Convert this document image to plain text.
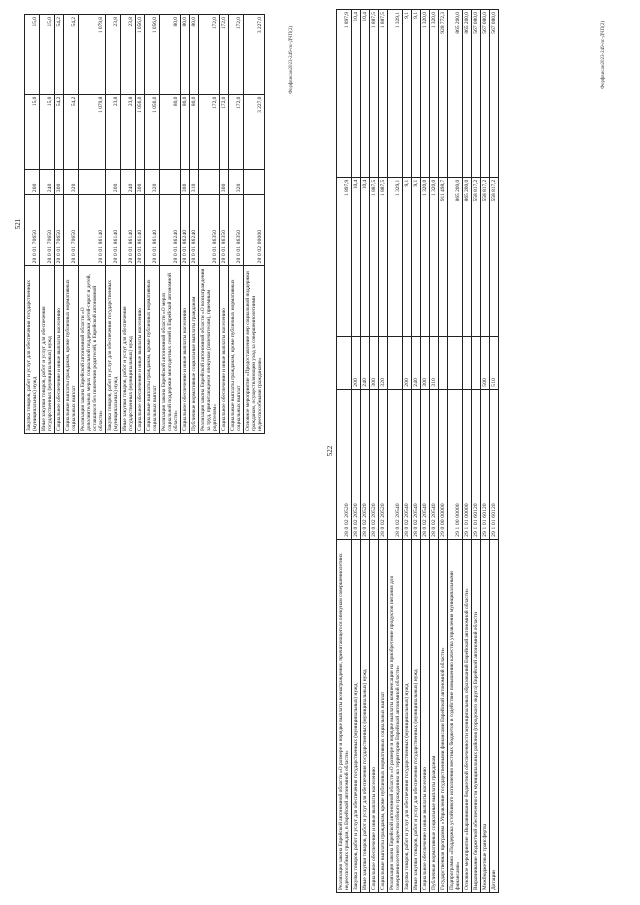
521
Закупка товаров, работ и услуг для обеспечения государственных (муниципальных) нужд	28 0 01 70650	200	15,0	15,0
Иные закупки товаров, работ и услуг для обеспечения государственных (муниципальных) нужд	28 0 01 70650	240	15,0	15,0
Социальное обеспечение и иные выплаты населению	28 0 01 70650	300	54,2	54,2
Социальные выплаты гражданам, кроме публичных нормативных социальных выплат	28 0 01 70650	320	54,2	54,2
Реализация закона Еврейской автономной области «О дополнительных мерах социальной поддержки детей-сирот и детей, оставшихся без попечения родителей, в Еврейской автономной области»	28 0 01 86140		1 079,8	1 079,8
Закупка товаров, работ и услуг для обеспечения государственных (муниципальных) нужд	28 0 01 86140	200	23,8	23,8
Иные закупки товаров, работ и услуг для обеспечения государственных (муниципальных) нужд	28 0 01 86140	240	23,8	23,8
Социальное обеспечение и иные выплаты населению	28 0 01 86140	300	1 056,0	1 056,0
Социальные выплаты гражданам, кроме публичных нормативных социальных выплат	28 0 01 86140	320	1 056,0	1 056,0
Реализация закона Еврейской автономной области «О мерах социальной поддержки многодетных семей в Еврейской автономной области»	28 0 01 86240		80,0	80,0
Социальное обеспечение и иные выплаты населению	28 0 01 86240	300	80,0	80,0
Публичные нормативные социальные выплаты гражданам	28 0 01 86240	310	80,0	80,0
Реализация закона Еврейской автономной области «О вознаграждении за труд, причитающемся опекунам (попечителям), приемным родителям»	28 0 01 86350		172,0	172,0
Социальное обеспечение и иные выплаты населению	28 0 01 86350	300	172,0	172,0
Социальные выплаты гражданам, кроме публичных нормативных социальных выплат	28 0 01 86350	320	172,0	172,0
Основное мероприятие «Предоставление мер социальной поддержки гражданам, осуществляющим уход за совершеннолетними недееспособными гражданами»	28 0 02 00000		3 227,0	3 227,0
Форфвисан2023-249-пс-ДЧП(2)
522
Реализация закона Еврейской автономной области «О размере и порядке выплаты вознаграждения, причитающегося опекунам совершеннолетних недееспособных граждан, в Еврейской автономной области»	28 0 02 20520		1 897,9	1 897,9
Закупка товаров, работ и услуг для обеспечения государственных (муниципальных) нужд	28 0 02 20520	200	10,4	10,4
Иные закупки товаров, работ и услуг для обеспечения государственных (муниципальных) нужд	28 0 02 20520	240	10,4	10,4
Социальное обеспечение и иные выплаты населению	28 0 02 20520	300	1 887,5	1 887,5
Социальные выплаты гражданам, кроме публичных нормативных социальных выплат	28 0 02 20520	320	1 887,5	1 887,5
Реализация закона Еврейской автономной области «О размере и порядке выплаты компенсации на приобретение продуктов питания для совершеннолетнего недееспособного гражданина на территории Еврейской автономной области»	28 0 02 20540		1 329,1	1 329,1
Закупка товаров, работ и услуг для обеспечения государственных (муниципальных) нужд	28 0 02 20540	200	9,1	9,1
Иные закупки товаров, работ и услуг для обеспечения государственных (муниципальных) нужд	28 0 02 20540	240	9,1	9,1
Социальное обеспечение и иные выплаты населению	28 0 02 20540	300	1 320,0	1 320,0
Публичные нормативные социальные выплаты гражданам	28 0 02 20540	310	1 320,0	1 320,0
Государственная программа «Управление государственными финансами Еврейской автономной области»	29 0 00 00000		911 498,7	928 772,3
Подпрограмма «Поддержка устойчивого исполнения местных бюджетов и содействие повышению качества управления муниципальными финансами»	29 1 00 00000		865 200,0	865 200,0
Основное мероприятие «Выравнивание бюджетной обеспеченности муниципальных образований Еврейской автономной области»	29 1 01 00000		865 200,0	865 200,0
Выравнивание бюджетной обеспеченности муниципальных районов (городского округа) Еврейской автономной области	29 1 01 60120		558 817,2	567 080,0
Межбюджетные трансферты	29 1 01 60120	500	558 817,2	567 080,0
Дотации	29 1 01 60120	510	558 817,2	567 080,0	Форфвисан2023-249-пс-ДЧП(2)
